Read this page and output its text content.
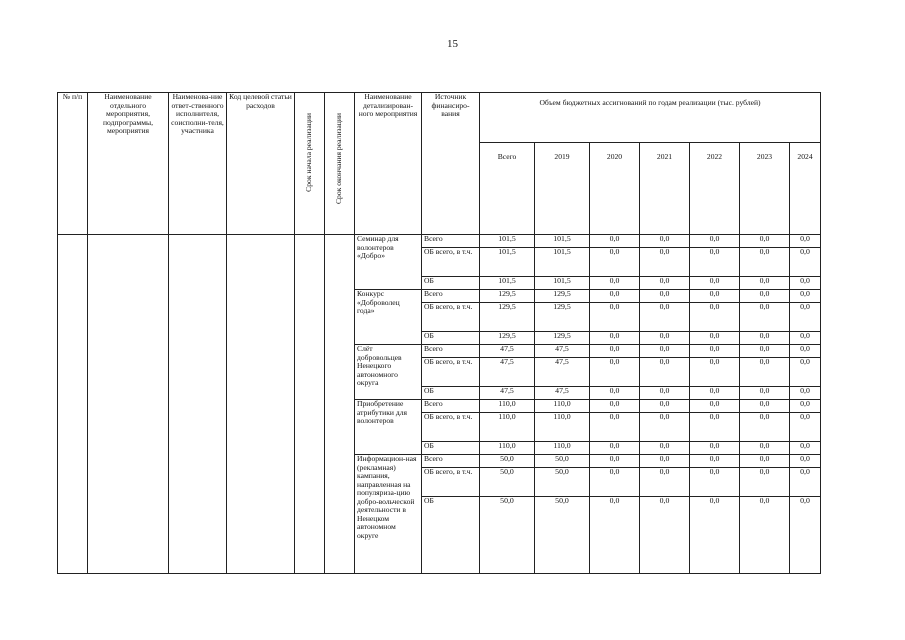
15
№ п/п	Наименование отдельного мероприятия, подпрограммы, мероприятия	Наименова-ние ответ-ственного исполнителя, соисполни-теля, участника	Код целевой статьи расходов	Срок начала реализации	Срок окончания реализации	Наименование детализирован-ного мероприятия	Источник финансиро-вания	Объем бюджетных ассигнований по годам реализации (тыс. рублей)						
								Всего	2019	2020	2021	2022	2023	2024
						Семинар для волонтеров «Добро»	Всего	101,5	101,5	0,0	0,0	0,0	0,0	0,0
							ОБ всего, в т.ч.	101,5	101,5	0,0	0,0	0,0	0,0	0,0
							ОБ	101,5	101,5	0,0	0,0	0,0	0,0	0,0
						Конкурс «Доброволец года»	Всего	129,5	129,5	0,0	0,0	0,0	0,0	0,0
							ОБ всего, в т.ч.	129,5	129,5	0,0	0,0	0,0	0,0	0,0
							ОБ	129,5	129,5	0,0	0,0	0,0	0,0	0,0
						Слёт добровольцев Ненецкого автономного округа	Всего	47,5	47,5	0,0	0,0	0,0	0,0	0,0
							ОБ всего, в т.ч.	47,5	47,5	0,0	0,0	0,0	0,0	0,0
							ОБ	47,5	47,5	0,0	0,0	0,0	0,0	0,0
						Приобретение атрибутики для волонтеров	Всего	110,0	110,0	0,0	0,0	0,0	0,0	0,0
							ОБ всего, в т.ч.	110,0	110,0	0,0	0,0	0,0	0,0	0,0
							ОБ	110,0	110,0	0,0	0,0	0,0	0,0	0,0
						Информацион-ная (рекламная) кампания, направленная на популяриза-цию добро-вольческой деятельности в Ненецком автономном округе	Всего	50,0	50,0	0,0	0,0	0,0	0,0	0,0
							ОБ всего, в т.ч.	50,0	50,0	0,0	0,0	0,0	0,0	0,0
							ОБ	50,0	50,0	0,0	0,0	0,0	0,0	0,0
